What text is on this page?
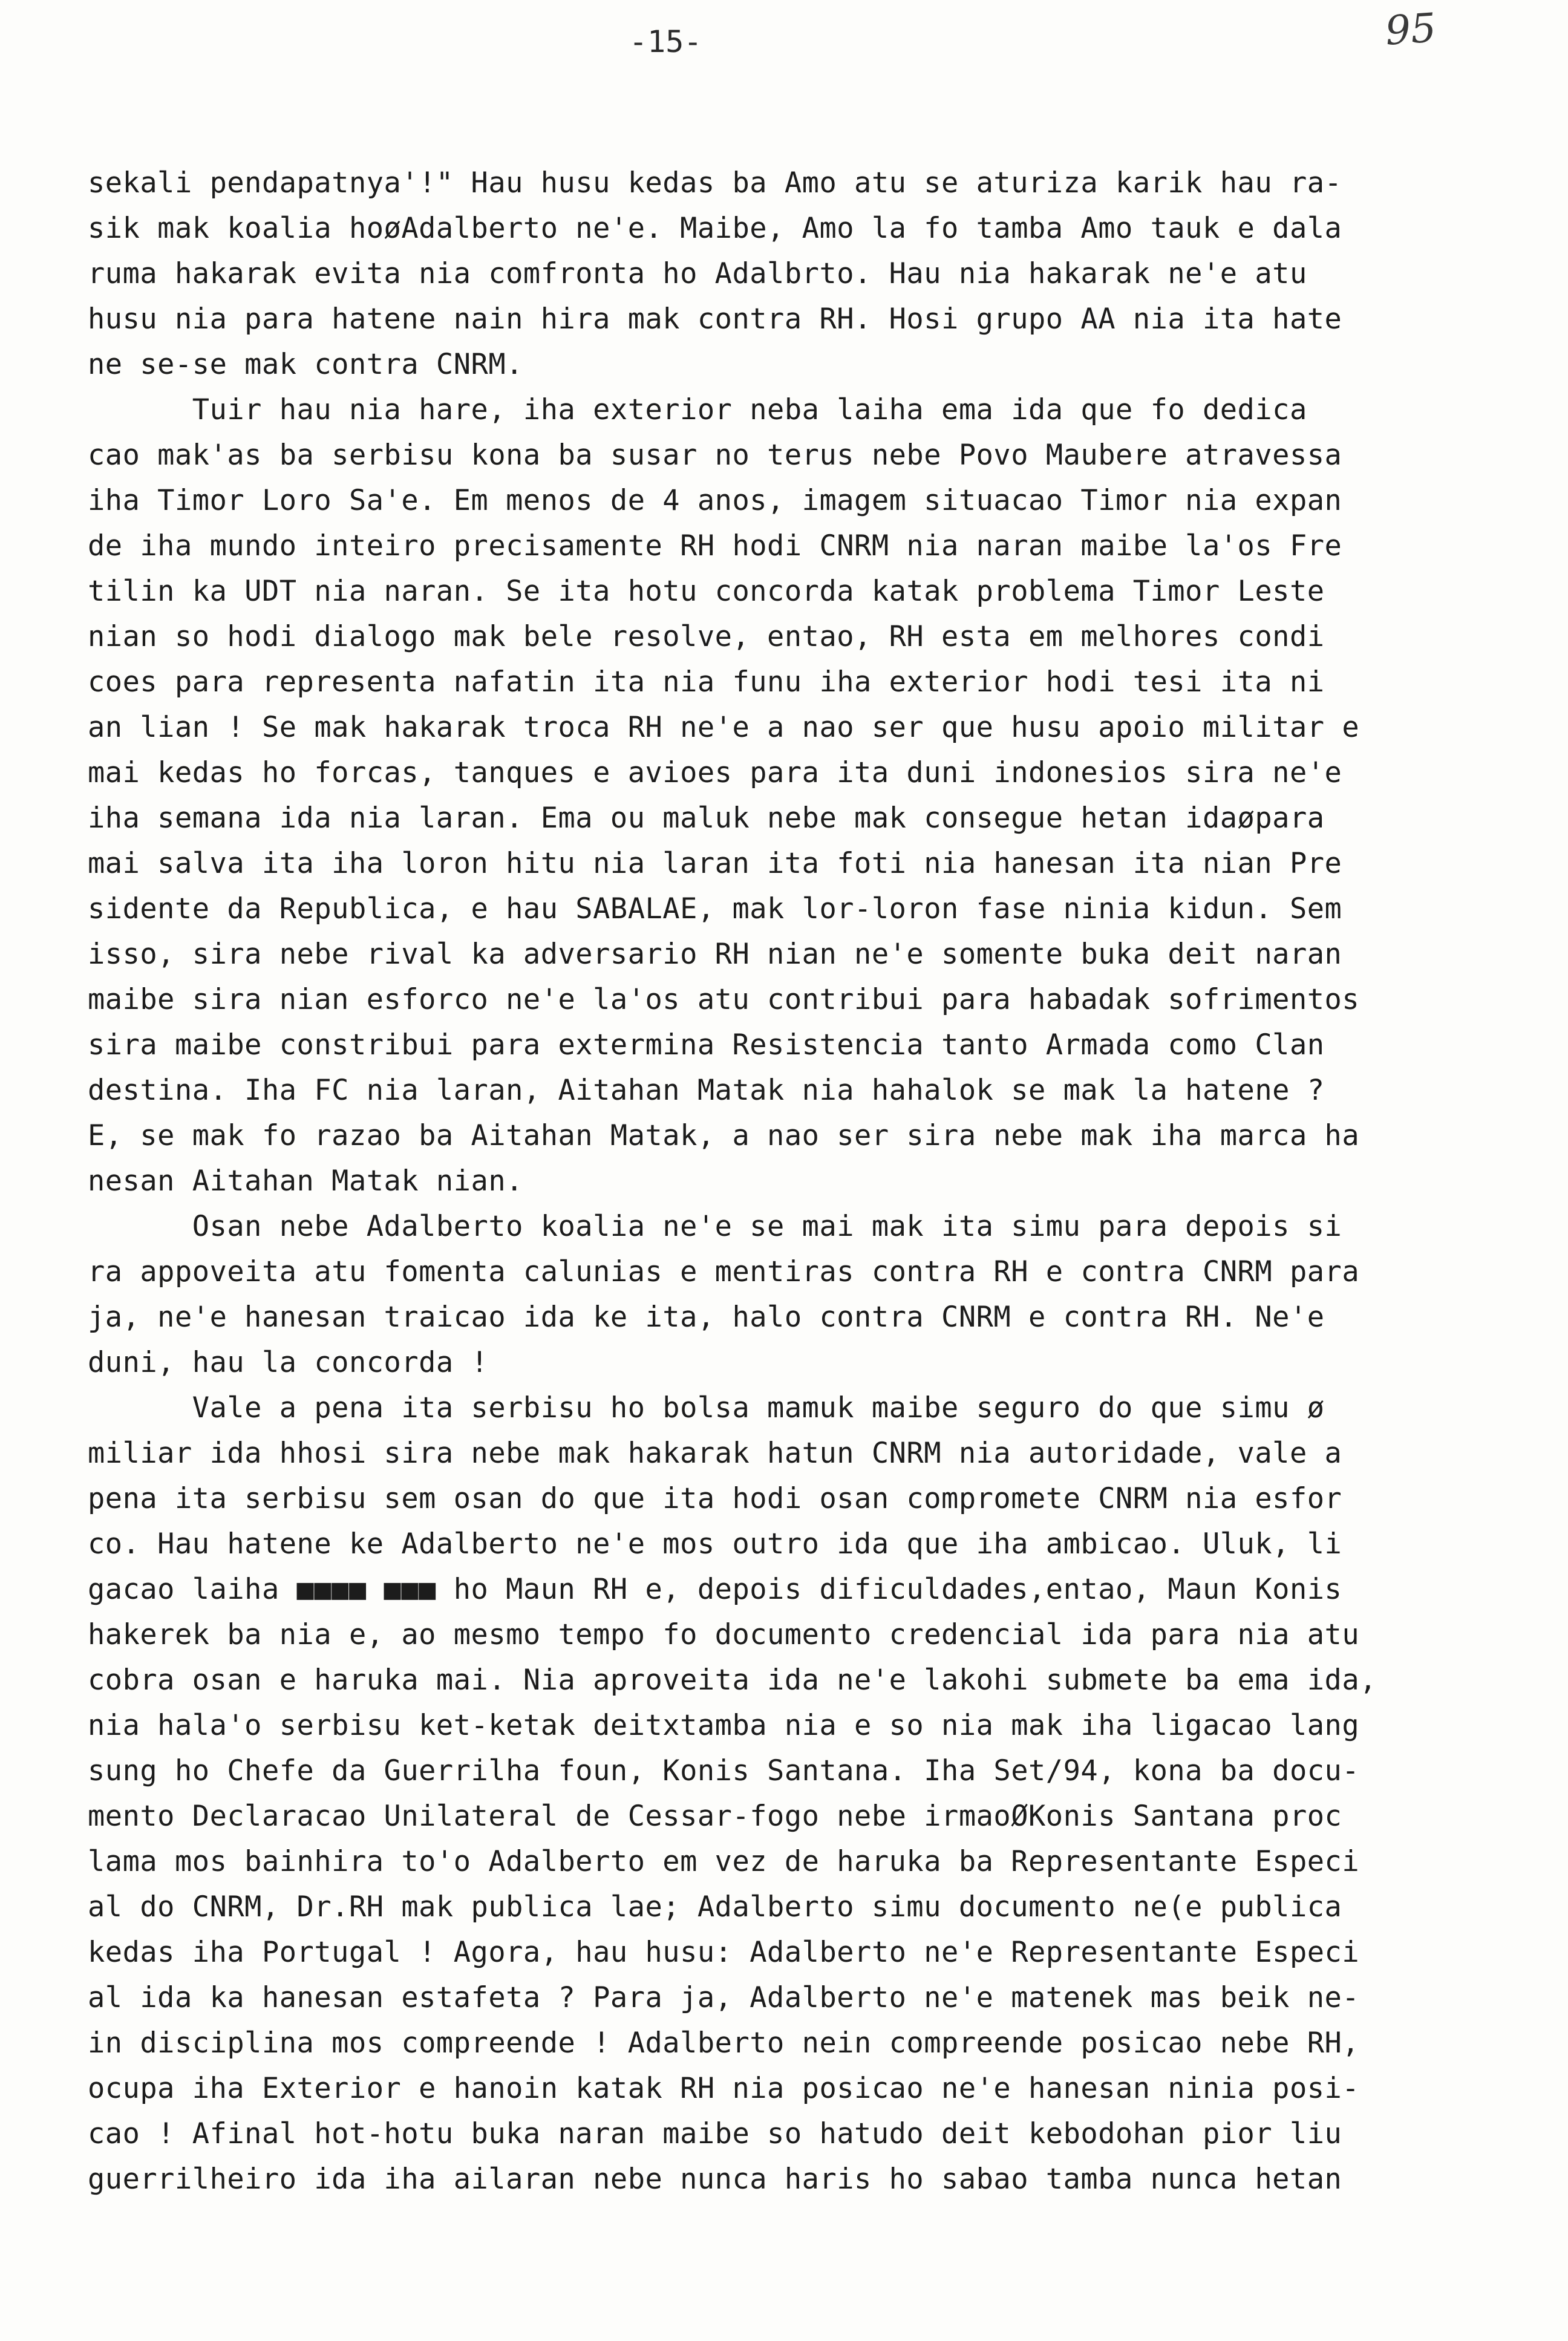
-15-	95
sekali pendapatnya'!" Hau husu kedas ba Amo atu se aturiza karik hau ra-
sik mak koalia hoøAdalberto ne'e. Maibe, Amo la fo tamba Amo tauk e dala
ruma hakarak evita nia comfronta ho Adalbrto. Hau nia hakarak ne'e atu
husu nia para hatene nain hira mak contra RH. Hosi grupo AA nia ita hate
ne se-se mak contra CNRM.
Tuir hau nia hare, iha exterior neba laiha ema ida que fo dedica
cao mak'as ba serbisu kona ba susar no terus nebe Povo Maubere atravessa
iha Timor Loro Sa'e. Em menos de 4 anos, imagem situacao Timor nia expan
de iha mundo inteiro precisamente RH hodi CNRM nia naran maibe la'os Fre
tilin ka UDT nia naran. Se ita hotu concorda katak problema Timor Leste
nian so hodi dialogo mak bele resolve, entao, RH esta em melhores condi
coes para representa nafatin ita nia funu iha exterior hodi tesi ita ni
an lian ! Se mak hakarak troca RH ne'e a nao ser que husu apoio militar e
mai kedas ho forcas, tanques e avioes para ita duni indonesios sira ne'e
iha semana ida nia laran. Ema ou maluk nebe mak consegue hetan idaøpara
mai salva ita iha loron hitu nia laran ita foti nia hanesan ita nian Pre
sidente da Republica, e hau SABALAE, mak lor-loron fase ninia kidun. Sem
isso, sira nebe rival ka adversario RH nian ne'e somente buka deit naran
maibe sira nian esforco ne'e la'os atu contribui para habadak sofrimentos
sira maibe constribui para extermina Resistencia tanto Armada como Clan
destina. Iha FC nia laran, Aitahan Matak nia hahalok se mak la hatene ?
E, se mak fo razao ba Aitahan Matak, a nao ser sira nebe mak iha marca ha
nesan Aitahan Matak nian.
Osan nebe Adalberto koalia ne'e se mai mak ita simu para depois si
ra appoveita atu fomenta calunias e mentiras contra RH e contra CNRM para
ja, ne'e hanesan traicao ida ke ita, halo contra CNRM e contra RH. Ne'e
duni, hau la concorda !
Vale a pena ita serbisu ho bolsa mamuk maibe seguro do que simu ø
miliar ida hhosi sira nebe mak hakarak hatun CNRM nia autoridade, vale a
pena ita serbisu sem osan do que ita hodi osan compromete CNRM nia esfor
co. Hau hatene ke Adalberto ne'e mos outro ida que iha ambicao. Uluk, li
gacao laiha ■■■■ ■■■ ho Maun RH e, depois dificuldades,entao, Maun Konis
hakerek ba nia e, ao mesmo tempo fo documento credencial ida para nia atu
cobra osan e haruka mai. Nia aproveita ida ne'e lakohi submete ba ema ida,
nia hala'o serbisu ket-ketak deitxtamba nia e so nia mak iha ligacao lang
sung ho Chefe da Guerrilha foun, Konis Santana. Iha Set/94, kona ba docu-
mento Declaracao Unilateral de Cessar-fogo nebe irmaoØKonis Santana proc
lama mos bainhira to'o Adalberto em vez de haruka ba Representante Especi
al do CNRM, Dr.RH mak publica lae; Adalberto simu documento ne(e publica
kedas iha Portugal ! Agora, hau husu: Adalberto ne'e Representante Especi
al ida ka hanesan estafeta ? Para ja, Adalberto ne'e matenek mas beik ne-
in disciplina mos compreende ! Adalberto nein compreende posicao nebe RH,
ocupa iha Exterior e hanoin katak RH nia posicao ne'e hanesan ninia posi-
cao ! Afinal hot-hotu buka naran maibe so hatudo deit kebodohan pior liu
guerrilheiro ida iha ailaran nebe nunca haris ho sabao tamba nunca hetan
